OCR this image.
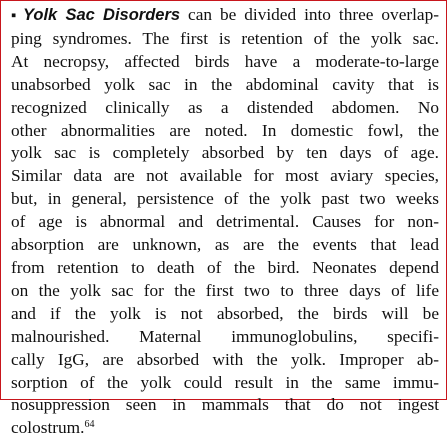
▪ Yolk Sac Disorders can be divided into three overlap-
ping syndromes. The first is retention of the yolk sac.
At necropsy, affected birds have a moderate-to-large
unabsorbed yolk sac in the abdominal cavity that is
recognized clinically as a distended abdomen. No
other abnormalities are noted. In domestic fowl, the
yolk sac is completely absorbed by ten days of age.
Similar data are not available for most aviary species,
but, in general, persistence of the yolk past two weeks
of age is abnormal and detrimental. Causes for non-
absorption are unknown, as are the events that lead
from retention to death of the bird. Neonates depend
on the yolk sac for the first two to three days of life
and if the yolk is not absorbed, the birds will be
malnourished. Maternal immunoglobulins, specifi-
cally IgG, are absorbed with the yolk. Improper ab-
sorption of the yolk could result in the same immu-
nosuppression seen in mammals that do not ingest
colostrum.$^{64}$
